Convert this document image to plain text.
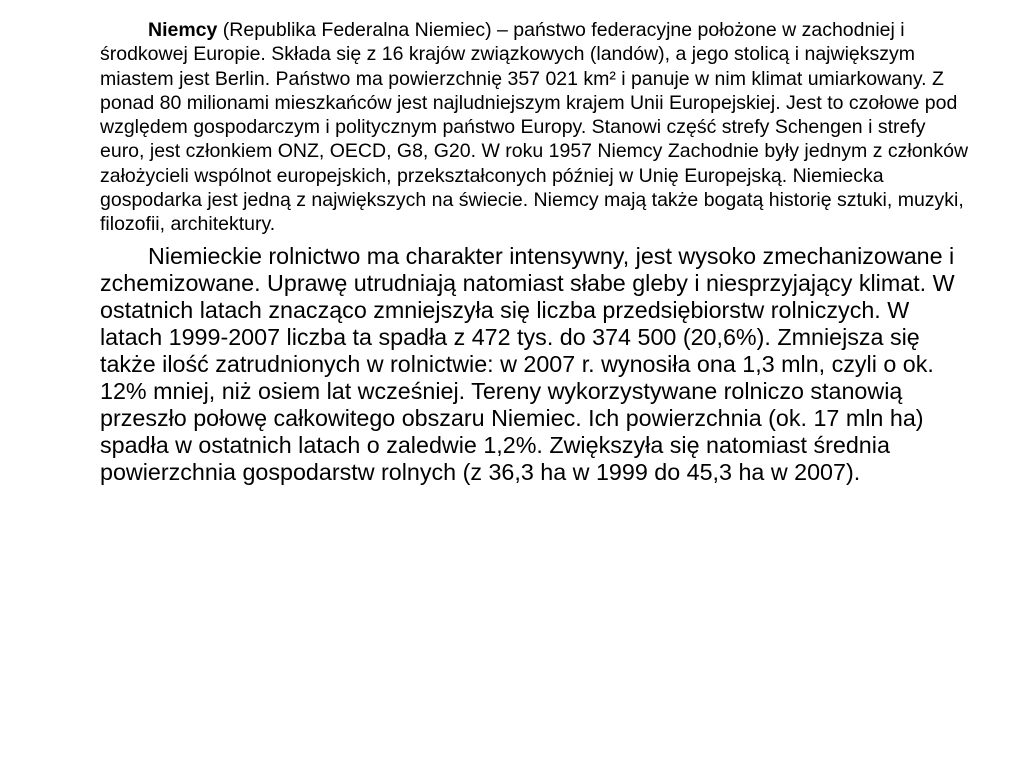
Niemcy (Republika Federalna Niemiec) – państwo federacyjne położone w zachodniej i środkowej Europie. Składa się z 16 krajów związkowych (landów), a jego stolicą i największym miastem jest Berlin. Państwo ma powierzchnię 357 021 km² i panuje w nim klimat umiarkowany. Z ponad 80 milionami mieszkańców jest najludniejszym krajem Unii Europejskiej. Jest to czołowe pod względem gospodarczym i politycznym państwo Europy. Stanowi część strefy Schengen i strefy euro, jest członkiem ONZ, OECD, G8, G20. W roku 1957 Niemcy Zachodnie były jednym z członków założycieli wspólnot europejskich, przekształconych później w Unię Europejską. Niemiecka gospodarka jest jedną z największych na świecie. Niemcy mają także bogatą historię sztuki, muzyki, filozofii, architektury.

Niemieckie rolnictwo ma charakter intensywny, jest wysoko zmechanizowane i zchemizowane. Uprawę utrudniają natomiast słabe gleby i niesprzyjający klimat. W ostatnich latach znacząco zmniejszyła się liczba przedsiębiorstw rolniczych. W latach 1999-2007 liczba ta spadła z 472 tys. do 374 500 (20,6%). Zmniejsza się także ilość zatrudnionych w rolnictwie: w 2007 r. wynosiła ona 1,3 mln, czyli o ok. 12% mniej, niż osiem lat wcześniej. Tereny wykorzystywane rolniczo stanowią przeszło połowę całkowitego obszaru Niemiec. Ich powierzchnia (ok. 17 mln ha) spadła w ostatnich latach o zaledwie 1,2%. Zwiększyła się natomiast średnia powierzchnia gospodarstw rolnych (z 36,3 ha w 1999 do 45,3 ha w 2007).
